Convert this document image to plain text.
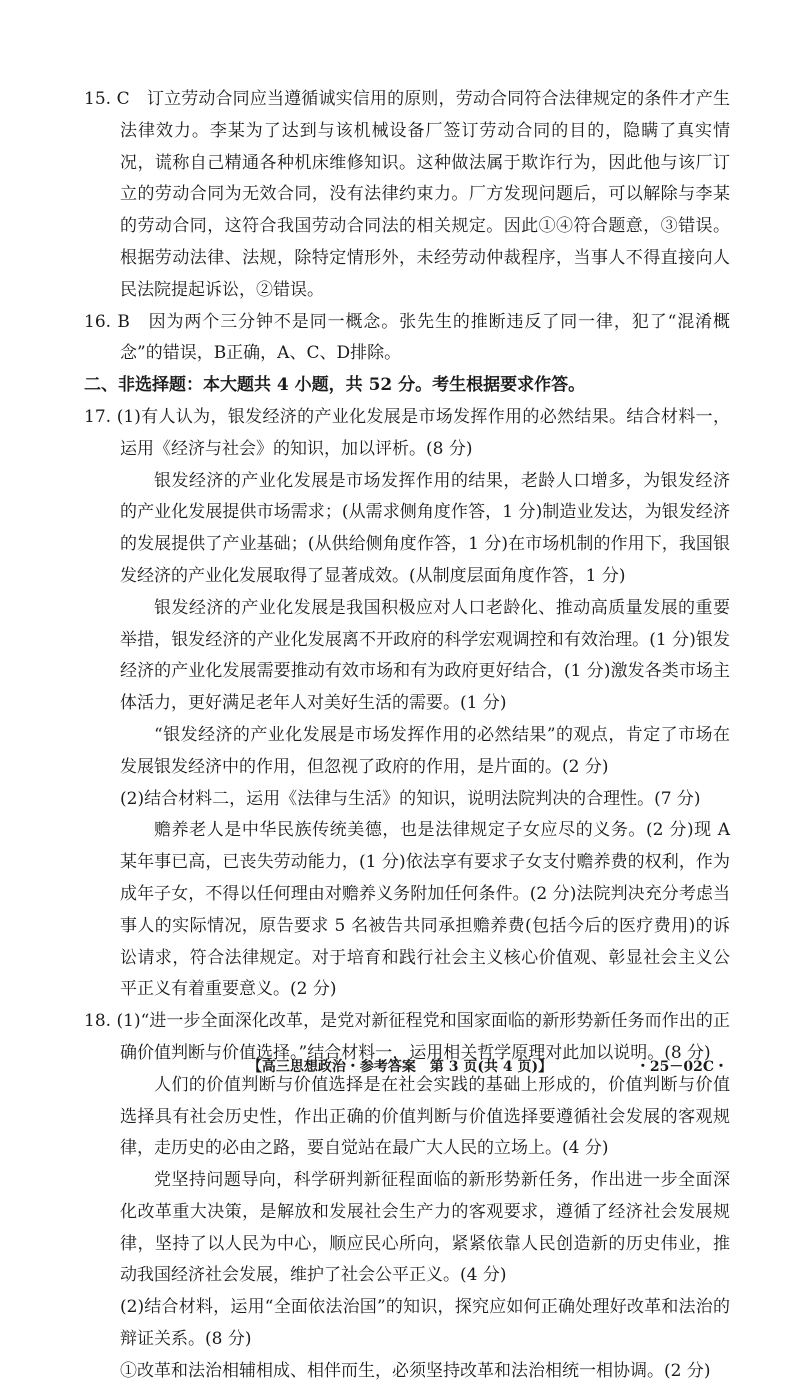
15. C　订立劳动合同应当遵循诚实信用的原则，劳动合同符合法律规定的条件才产生法律效力。李某为了达到与该机械设备厂签订劳动合同的目的，隐瞒了真实情况，谎称自己精通各种机床维修知识。这种做法属于欺诈行为，因此他与该厂订立的劳动合同为无效合同，没有法律约束力。厂方发现问题后，可以解除与李某的劳动合同，这符合我国劳动合同法的相关规定。因此①④符合题意，③错误。根据劳动法律、法规，除特定情形外，未经劳动仲裁程序，当事人不得直接向人民法院提起诉讼，②错误。

16. B　因为两个三分钟不是同一概念。张先生的推断违反了同一律，犯了“混淆概念”的错误，B正确，A、C、D排除。

二、非选择题：本大题共 4 小题，共 52 分。考生根据要求作答。

17. (1)有人认为，银发经济的产业化发展是市场发挥作用的必然结果。结合材料一，运用《经济与社会》的知识，加以评析。(8 分)

银发经济的产业化发展是市场发挥作用的结果，老龄人口增多，为银发经济的产业化发展提供市场需求；(从需求侧角度作答，1 分)制造业发达，为银发经济的发展提供了产业基础；(从供给侧角度作答，1 分)在市场机制的作用下，我国银发经济的产业化发展取得了显著成效。(从制度层面角度作答，1 分)

银发经济的产业化发展是我国积极应对人口老龄化、推动高质量发展的重要举措，银发经济的产业化发展离不开政府的科学宏观调控和有效治理。(1 分)银发经济的产业化发展需要推动有效市场和有为政府更好结合，(1 分)激发各类市场主体活力，更好满足老年人对美好生活的需要。(1 分)

“银发经济的产业化发展是市场发挥作用的必然结果”的观点，肯定了市场在发展银发经济中的作用，但忽视了政府的作用，是片面的。(2 分)

(2)结合材料二，运用《法律与生活》的知识，说明法院判决的合理性。(7 分)

赡养老人是中华民族传统美德，也是法律规定子女应尽的义务。(2 分)现 A 某年事已高，已丧失劳动能力，(1 分)依法享有要求子女支付赡养费的权利，作为成年子女，不得以任何理由对赡养义务附加任何条件。(2 分)法院判决充分考虑当事人的实际情况，原告要求 5 名被告共同承担赡养费(包括今后的医疗费用)的诉讼请求，符合法律规定。对于培育和践行社会主义核心价值观、彰显社会主义公平正义有着重要意义。(2 分)

18. (1)“进一步全面深化改革，是党对新征程党和国家面临的新形势新任务而作出的正确价值判断与价值选择。”结合材料一，运用相关哲学原理对此加以说明。(8 分)

人们的价值判断与价值选择是在社会实践的基础上形成的，价值判断与价值选择具有社会历史性，作出正确的价值判断与价值选择要遵循社会发展的客观规律，走历史的必由之路，要自觉站在最广大人民的立场上。(4 分)

党坚持问题导向，科学研判新征程面临的新形势新任务，作出进一步全面深化改革重大决策，是解放和发展社会生产力的客观要求，遵循了经济社会发展规律，坚持了以人民为中心，顺应民心所向，紧紧依靠人民创造新的历史伟业，推动我国经济社会发展，维护了社会公平正义。(4 分)

(2)结合材料，运用“全面依法治国”的知识，探究应如何正确处理好改革和法治的辩证关系。(8 分)

①改革和法治相辅相成、相伴而生，必须坚持改革和法治相统一相协调。(2 分)

【高三思想政治・参考答案　第 3 页(共 4 页)】	・25－02C・
